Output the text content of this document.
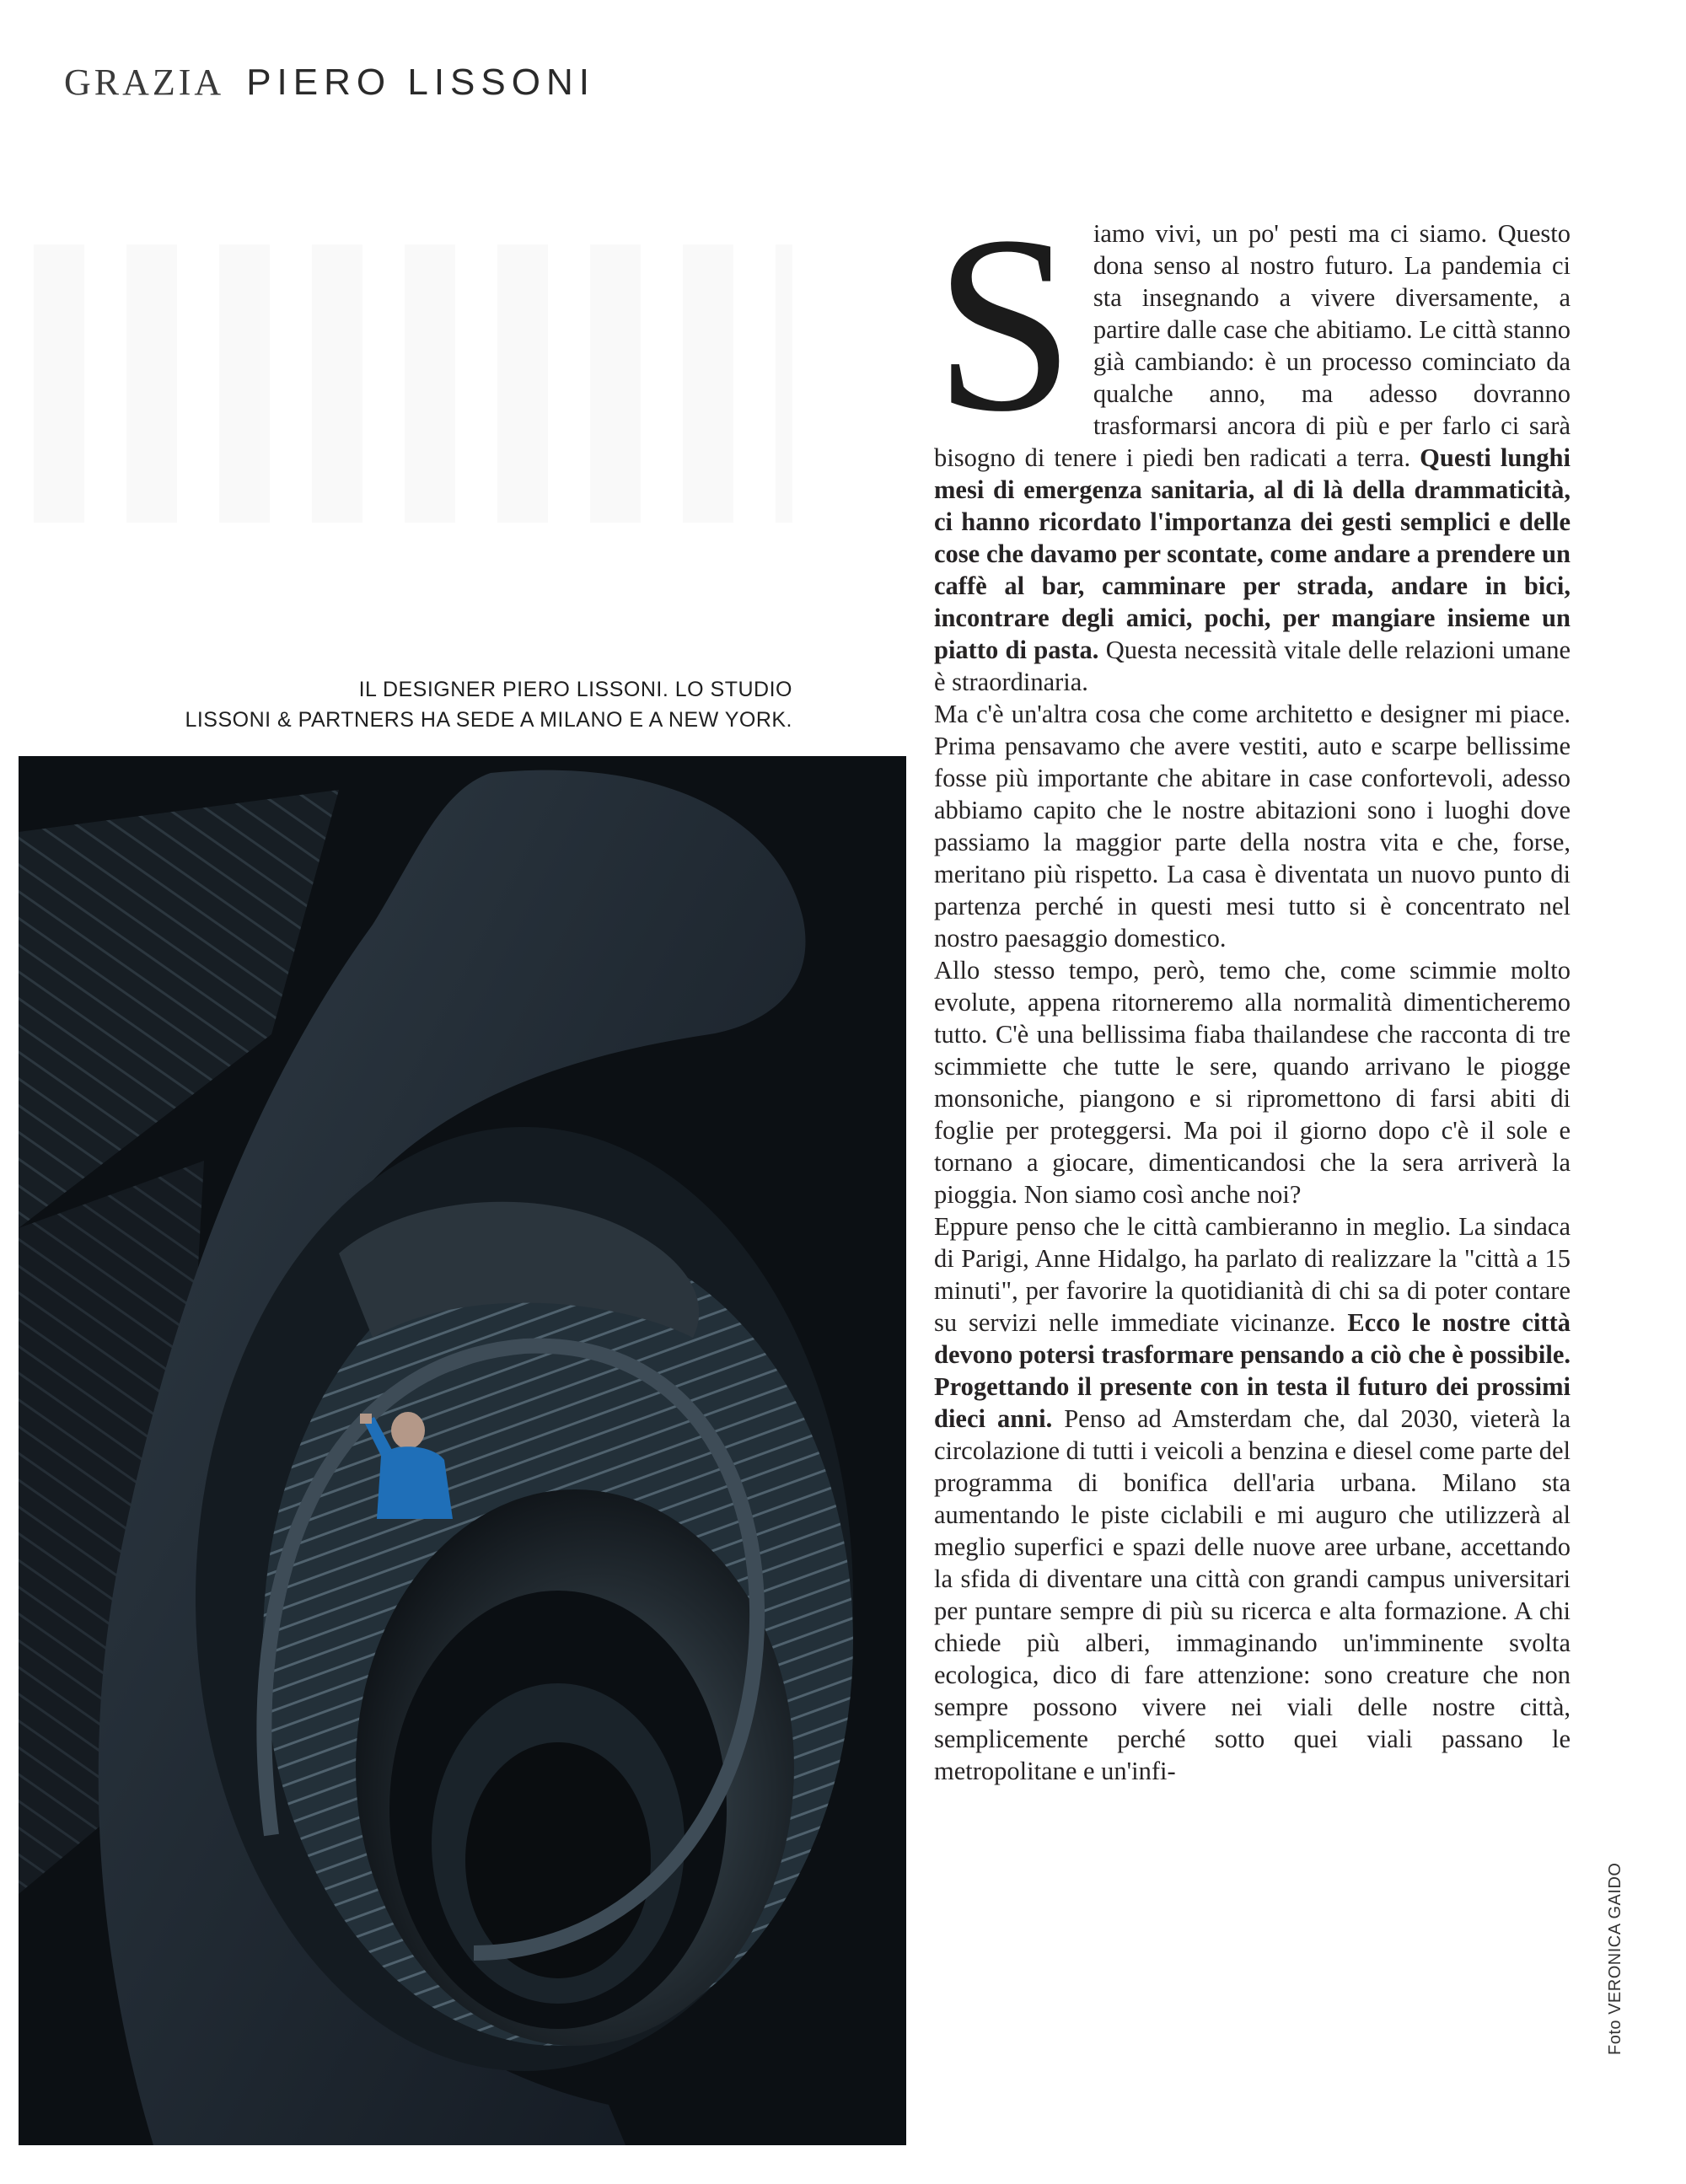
GRAZIA PIERO LISSONI
IL DESIGNER PIERO LISSONI. LO STUDIO
LISSONI & PARTNERS HA SEDE A MILANO E A NEW YORK.
S iamo vivi, un po' pesti ma ci siamo. Questo dona senso al nostro futuro. La pandemia ci sta insegnando a vivere diversamente, a partire dalle case che abitiamo. Le città stanno già cambiando: è un processo cominciato da qualche anno, ma adesso dovranno trasformarsi ancora di più e per farlo ci sarà bisogno di tenere i piedi ben radicati a terra. Questi lunghi mesi di emergenza sanitaria, al di là della drammaticità, ci hanno ricordato l'importanza dei gesti semplici e delle cose che davamo per scontate, come andare a prendere un caffè al bar, camminare per strada, andare in bici, incontrare degli amici, pochi, per mangiare insieme un piatto di pasta. Questa necessità vitale delle relazioni umane è straordinaria.

Ma c'è un'altra cosa che come architetto e designer mi piace. Prima pensavamo che avere vestiti, auto e scarpe bellissime fosse più importante che abitare in case confortevoli, adesso abbiamo capito che le nostre abitazioni sono i luoghi dove passiamo la maggior parte della nostra vita e che, forse, meritano più rispetto. La casa è diventata un nuovo punto di partenza perché in questi mesi tutto si è concentrato nel nostro paesaggio domestico.

Allo stesso tempo, però, temo che, come scimmie molto evolute, appena ritorneremo alla normalità dimenticheremo tutto. C'è una bellissima fiaba thailandese che racconta di tre scimmiette che tutte le sere, quando arrivano le piogge monsoniche, piangono e si ripromettono di farsi abiti di foglie per proteggersi. Ma poi il giorno dopo c'è il sole e tornano a giocare, dimenticandosi che la sera arriverà la pioggia. Non siamo così anche noi?

Eppure penso che le città cambieranno in meglio. La sindaca di Parigi, Anne Hidalgo, ha parlato di realizzare la "città a 15 minuti", per favorire la quotidianità di chi sa di poter contare su servizi nelle immediate vicinanze. Ecco le nostre città devono potersi trasformare pensando a ciò che è possibile. Progettando il presente con in testa il futuro dei prossimi dieci anni. Penso ad Amsterdam che, dal 2030, vieterà la circolazione di tutti i veicoli a benzina e diesel come parte del programma di bonifica dell'aria urbana. Milano sta aumentando le piste ciclabili e mi auguro che utilizzerà al meglio superfici e spazi delle nuove aree urbane, accettando la sfida di diventare una città con grandi campus universitari per puntare sempre di più su ricerca e alta formazione. A chi chiede più alberi, immaginando un'imminente svolta ecologica, dico di fare attenzione: sono creature che non sempre possono vivere nei viali delle nostre città, semplicemente perché sotto quei viali passano le metropolitane e un'infi-

Foto VERONICA GAIDO
